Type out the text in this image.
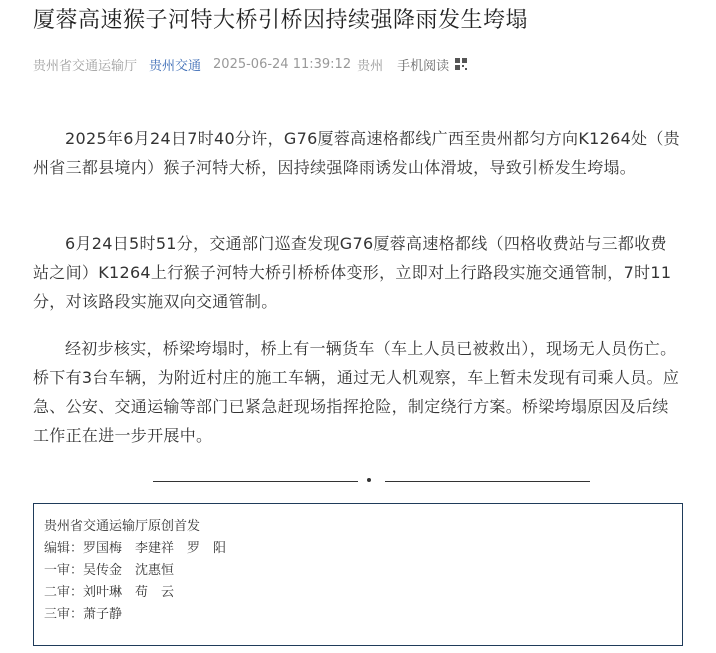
厦蓉高速猴子河特大桥引桥因持续强降雨发生垮塌
贵州省交通运输厅 贵州交通 2025-06-24 11:39:12 贵州 手机阅读
2025年6月24日7时40分许，G76厦蓉高速格都线广西至贵州都匀方向K1264处（贵州省三都县境内）猴子河特大桥，因持续强降雨诱发山体滑坡，导致引桥发生垮塌。
6月24日5时51分，交通部门巡查发现G76厦蓉高速格都线（四格收费站与三都收费站之间）K1264上行猴子河特大桥引桥桥体变形，立即对上行路段实施交通管制，7时11分，对该路段实施双向交通管制。
经初步核实，桥梁垮塌时，桥上有一辆货车（车上人员已被救出），现场无人员伤亡。桥下有3台车辆，为附近村庄的施工车辆，通过无人机观察，车上暂未发现有司乘人员。应急、公安、交通运输等部门已紧急赶现场指挥抢险，制定绕行方案。桥梁垮塌原因及后续工作正在进一步开展中。
贵州省交通运输厅原创首发
编辑：罗国梅　李建祥　罗　阳
一审：吴传金　沈惠恒
二审：刘叶琳　苟　云
三审：萧子静
